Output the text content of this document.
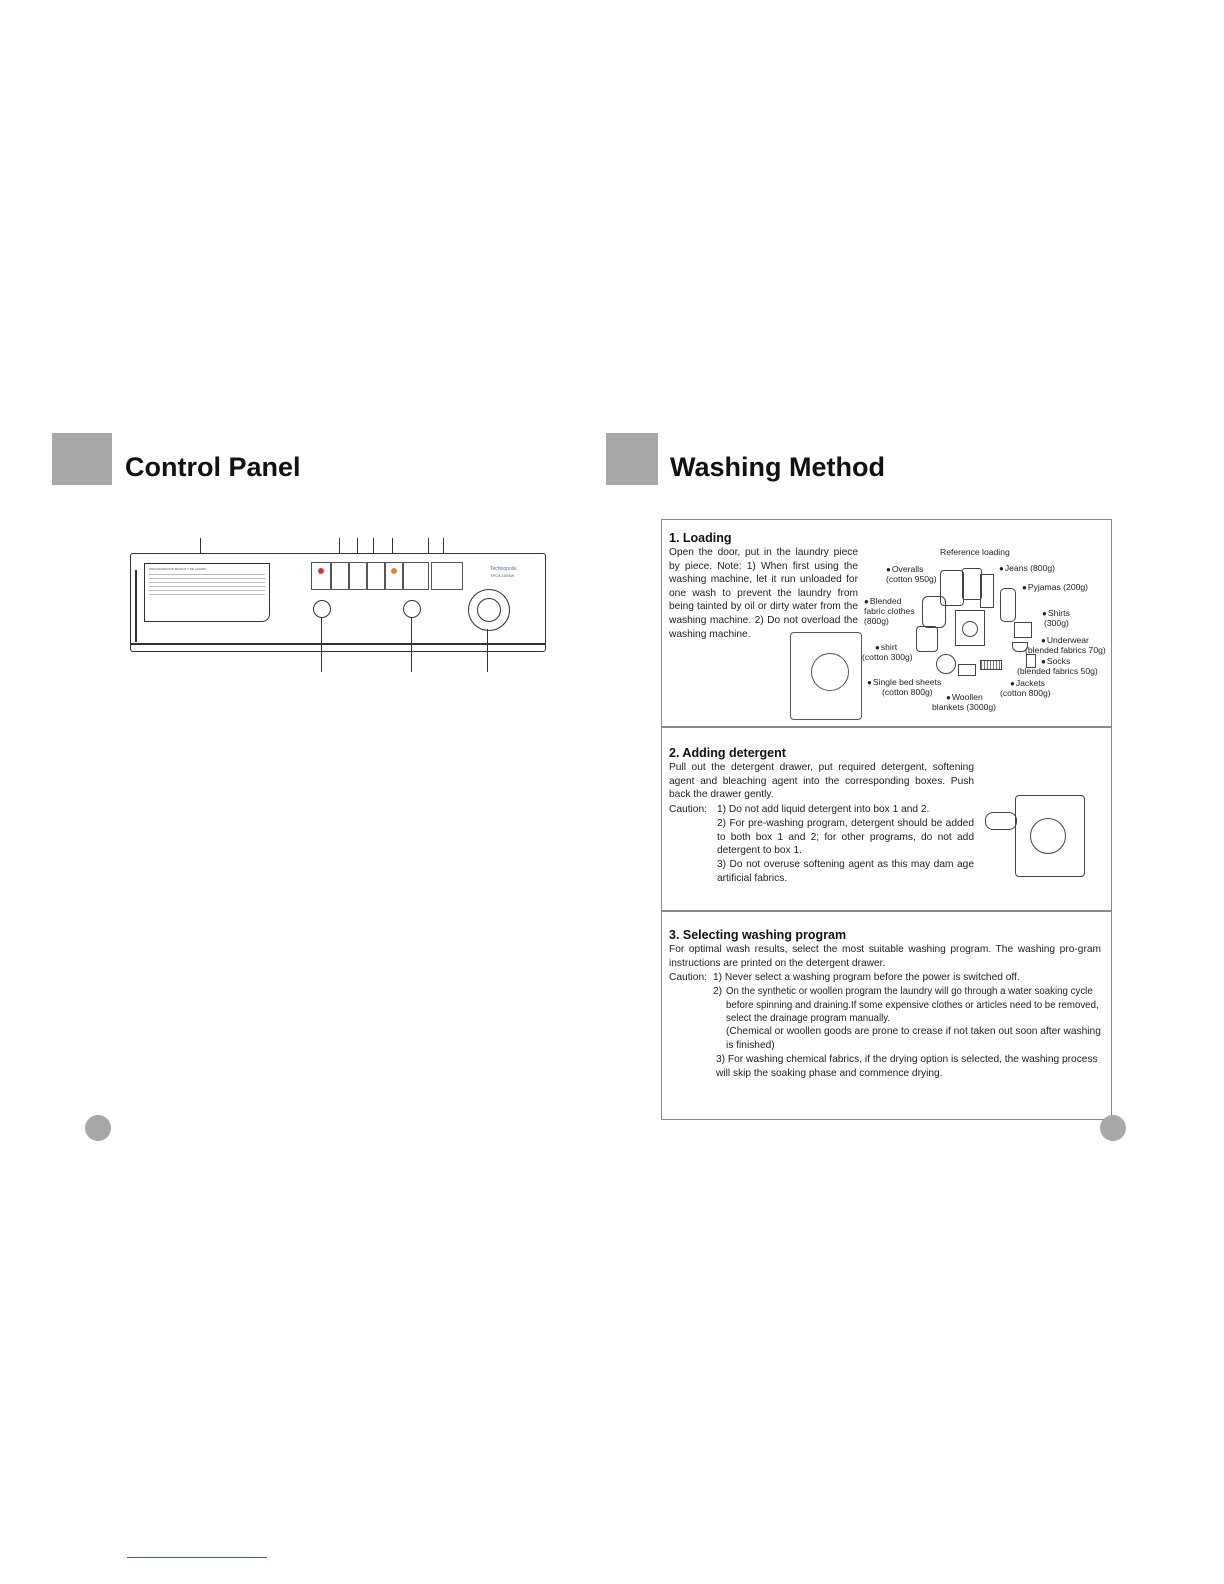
Control Panel
PROGRAMACION BASICO Y DE LAVADO	Technopolis
TPCA 1004W
Washing Method
1. Loading
Open the door, put in the laundry piece by piece. Note: 1) When first using the washing machine, let it run unloaded for one wash to prevent the laundry from being tainted by oil or dirty water from the washing machine. 2) Do not overload the washing machine.
Reference loading
● Overalls
(cotton 950g)
● Jeans (800g)
● Pyjamas (200g)
● Blended
fabric clothes
(800g)
● Shirts
(300g)
● Underwear
(blended fabrics 70g)
● shirt
(cotton 300g)
●	Socks
(blended fabrics 50g)
● Single bed sheets
(cotton 800g)
● Jackets
(cotton 800g)
● Woollen
blankets (3000g)
2. Adding detergent
Pull out the detergent drawer, put required detergent, softening agent and bleaching agent into the corresponding boxes. Push back the drawer gently.
Caution: 1) Do not add liquid detergent into box 1 and 2.
2) For pre-washing program, detergent should be added to both box 1 and 2; for other programs, do not add detergent to box 1.
3) Do not overuse softening agent as this may dam age artificial fabrics.
3. Selecting washing program
For optimal wash results, select the most suitable washing program. The washing pro-gram instructions are printed on the detergent drawer.
Caution: 1) Never select a washing program before the power is switched off.
2) On the synthetic or woollen program the laundry will go through a water soaking cycle before spinning and draining.If some expensive clothes or articles need to be removed, select the drainage program manually.
(Chemical or woollen goods are prone to crease if not taken out soon after washing is finished)
3) For washing chemical fabrics, if the drying option is selected, the washing process will skip the soaking phase and commence drying.
